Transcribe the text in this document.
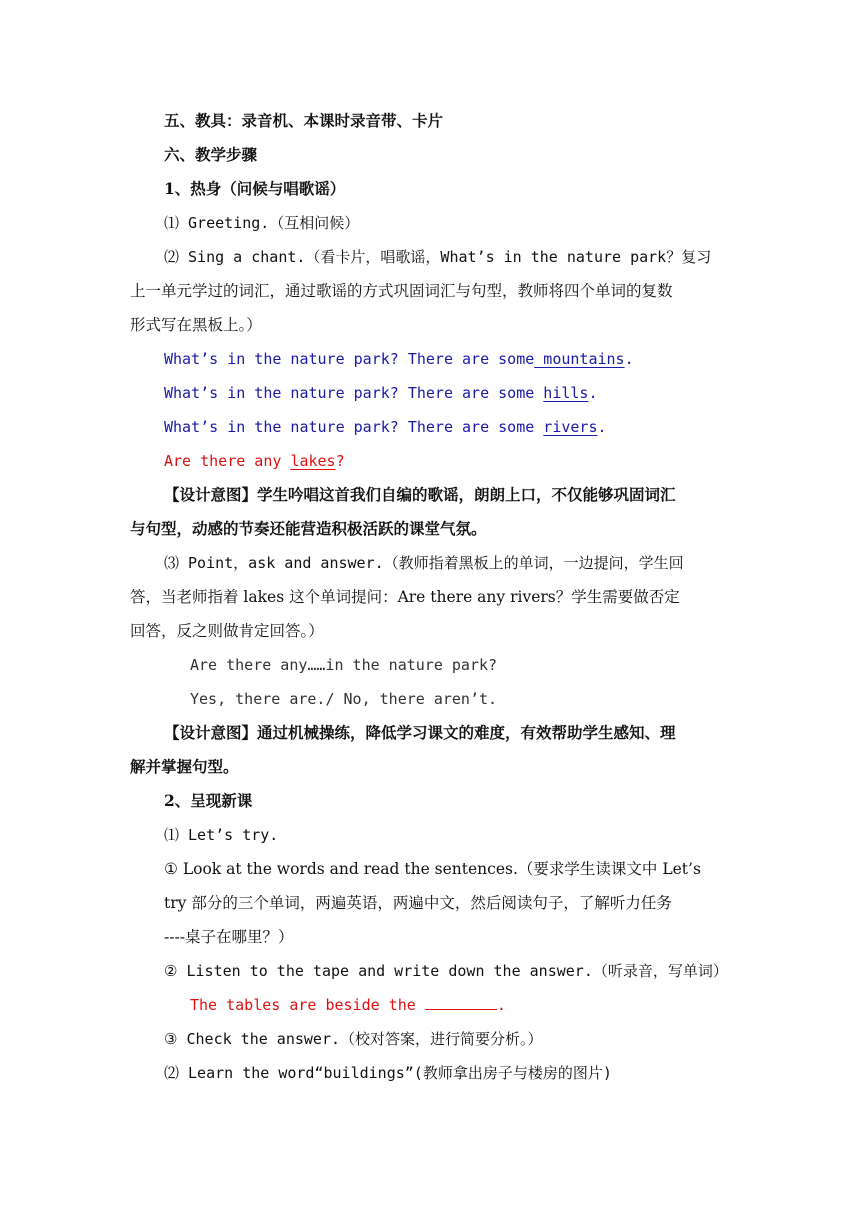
五、教具：录音机、本课时录音带、卡片
六、教学步骤
1、热身（问候与唱歌谣）
⑴ Greeting.（互相问候）
⑵ Sing a chant.（看卡片，唱歌谣，What’s in the nature park？复习
上一单元学过的词汇，通过歌谣的方式巩固词汇与句型，教师将四个单词的复数
形式写在黑板上。）
What’s in the nature park? There are some mountains.
What’s in the nature park? There are some hills.
What’s in the nature park? There are some rivers.
Are there any lakes?
【设计意图】学生吟唱这首我们自编的歌谣，朗朗上口，不仅能够巩固词汇
与句型，动感的节奏还能营造积极活跃的课堂气氛。
⑶ Point，ask and answer.（教师指着黑板上的单词，一边提问，学生回
答，当老师指着 lakes 这个单词提问：Are there any rivers？学生需要做否定
回答，反之则做肯定回答。）
Are there any……in the nature park?
Yes, there are./ No, there aren’t.
【设计意图】通过机械操练，降低学习课文的难度，有效帮助学生感知、理
解并掌握句型。
2、呈现新课
⑴ Let’s try.
① Look at the words and read the sentences.（要求学生读课文中 Let’s
try 部分的三个单词，两遍英语，两遍中文，然后阅读句子，了解听力任务
----桌子在哪里？）
② Listen to the tape and write down the answer.（听录音，写单词）
The tables are beside the	.
③ Check the answer.（校对答案，进行简要分析。）
⑵ Learn the word“buildings”(教师拿出房子与楼房的图片)
